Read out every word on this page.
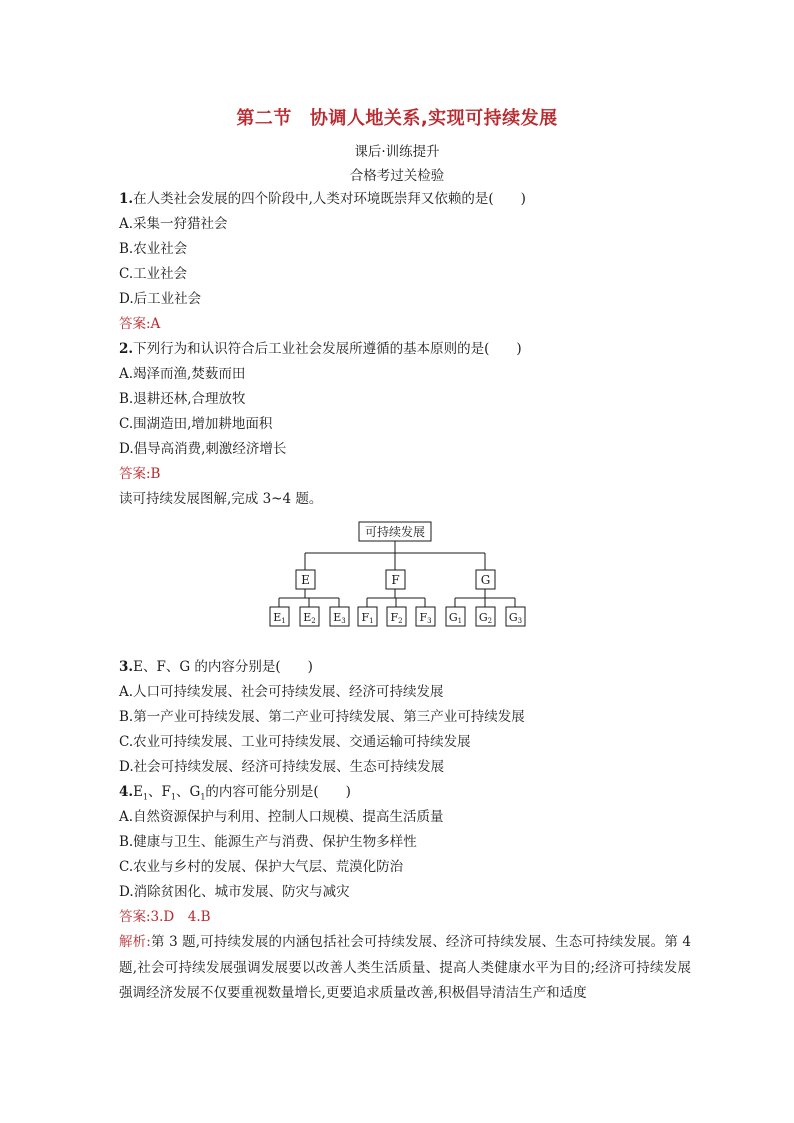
第二节 协调人地关系,实现可持续发展
课后·训练提升
合格考过关检验
1.在人类社会发展的四个阶段中,人类对环境既崇拜又依赖的是(　　)
A.采集一狩猎社会
B.农业社会
C.工业社会
D.后工业社会
答案:A
2.下列行为和认识符合后工业社会发展所遵循的基本原则的是(　　)
A.竭泽而渔,焚薮而田
B.退耕还林,合理放牧
C.围湖造田,增加耕地面积
D.倡导高消费,刺激经济增长
答案:B
读可持续发展图解,完成 3~4 题。
可持续发展
E	F	G
E1 E2 E3 F1 F2 F3 G1 G2 G3
3.E、F、G 的内容分别是(　　)
A.人口可持续发展、社会可持续发展、经济可持续发展
B.第一产业可持续发展、第二产业可持续发展、第三产业可持续发展
C.农业可持续发展、工业可持续发展、交通运输可持续发展
D.社会可持续发展、经济可持续发展、生态可持续发展
$4.E_1$、$F_1$、$G_1$的内容可能分别是(　　)
A.自然资源保护与利用、控制人口规模、提高生活质量
B.健康与卫生、能源生产与消费、保护生物多样性
C.农业与乡村的发展、保护大气层、荒漠化防治
D.消除贫困化、城市发展、防灾与减灾
答案:3.D　4.B
解析:第 3 题,可持续发展的内涵包括社会可持续发展、经济可持续发展、生态可持续发展。第 4 题,社会可持续发展强调发展要以改善人类生活质量、提高人类健康水平为目的;经济可持续发展强调经济发展不仅要重视数量增长,更要追求质量改善,积极倡导清洁生产和适度
